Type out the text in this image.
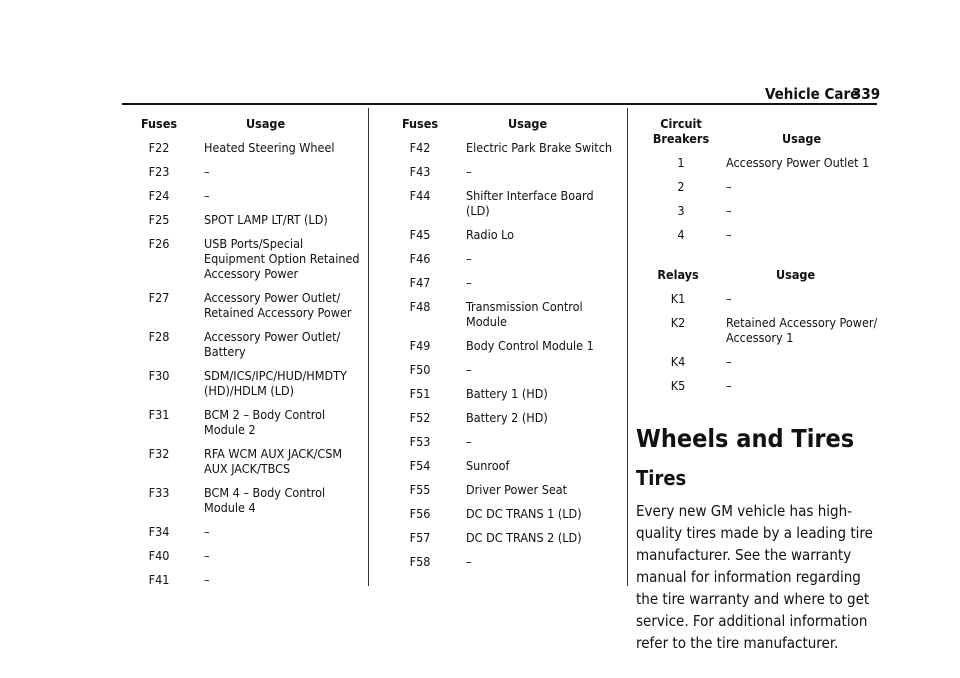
Vehicle Care
339
Fuses	Usage
F22	Heated Steering Wheel
F23	–
F24	–
F25	SPOT LAMP LT/RT (LD)
F26	USB Ports/Special Equipment Option Retained Accessory Power
F27	Accessory Power Outlet/ Retained Accessory Power
F28	Accessory Power Outlet/ Battery
F30	SDM/ICS/IPC/HUD/HMDTY (HD)/HDLM (LD)
F31	BCM 2 – Body Control Module 2
F32	RFA WCM AUX JACK/CSM AUX JACK/TBCS
F33	BCM 4 – Body Control Module 4
F34	–
F40	–
F41	–
Fuses	Usage
F42	Electric Park Brake Switch
F43	–
F44	Shifter Interface Board (LD)
F45	Radio Lo
F46	–
F47	–
F48	Transmission Control Module
F49	Body Control Module 1
F50	–
F51	Battery 1 (HD)
F52	Battery 2 (HD)
F53	–
F54	Sunroof
F55	Driver Power Seat
F56	DC DC TRANS 1 (LD)
F57	DC DC TRANS 2 (LD)
F58	–
Circuit Breakers	Usage
1	Accessory Power Outlet 1
2	–
3	–
4	–
Relays	Usage
K1	–
K2	Retained Accessory Power/ Accessory 1
K4	–
K5	–
Wheels and Tires
Tires

Every new GM vehicle has high-quality tires made by a leading tire manufacturer. See the warranty manual for information regarding the tire warranty and where to get service. For additional information refer to the tire manufacturer.
